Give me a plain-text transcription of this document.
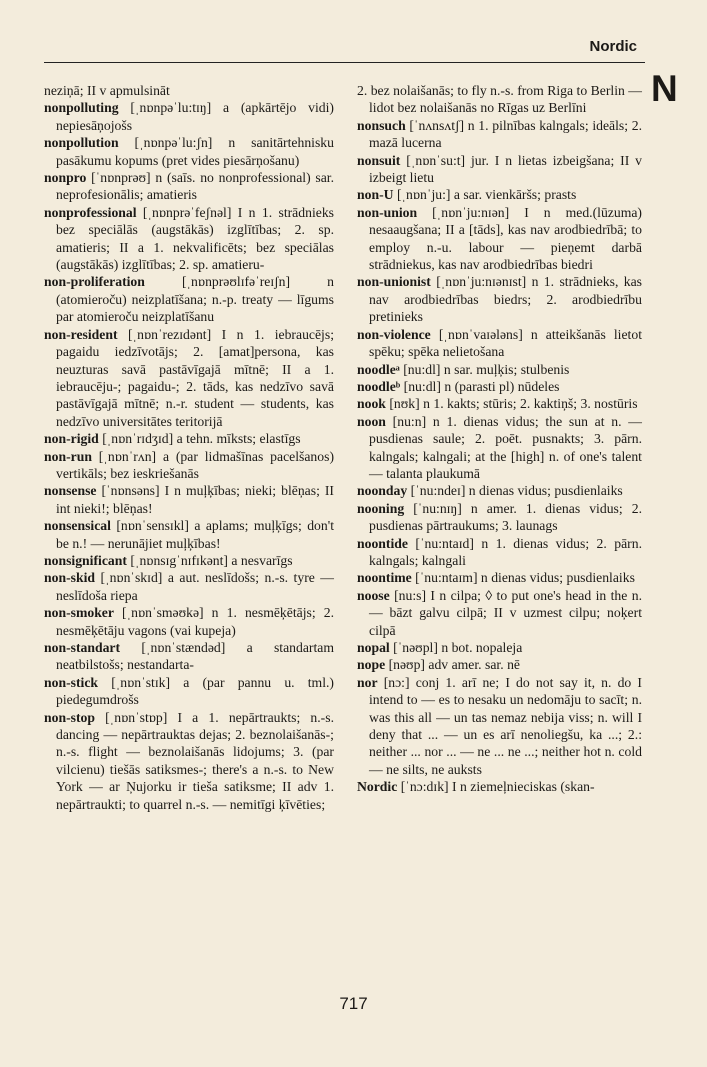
Nordic
N

neziņā; II v apmulsināt

nonpolluting [ˌnɒnpəˈlu:tɪŋ] a (apkārtējo vidi) nepiesāņojošs

nonpollution [ˌnɒnpəˈlu:ʃn] n sanitārtehnisku pasākumu kopums (pret vides piesārņošanu)

nonpro [ˈnɒnprəʊ] n (saīs. no nonprofessional) sar. neprofesionālis; amatieris

nonprofessional [ˌnɒnprəˈfeʃnəl] I n 1. strādnieks bez speciālās (augstākās) izglītības; 2. sp. amatieris; II a 1. nekvalificēts; bez speciālas (augstākās) izglītības; 2. sp. amatieru-

non-proliferation [ˌnɒnprəʊlɪfəˈreɪʃn] n (atomieroču) neizplatīšana; n.-p. treaty — līgums par atomieroču neizplatīšanu

non-resident [ˌnɒnˈrezɪdənt] I n 1. iebraucējs; pagaidu iedzīvotājs; 2. [amat]persona, kas neuzturas savā pastāvīgajā mītnē; II a 1. iebraucēju-; pagaidu-; 2. tāds, kas nedzīvo savā pastāvīgajā mītnē; n.-r. student — students, kas nedzīvo universitātes teritorijā

non-rigid [ˌnɒnˈrɪdʒɪd] a tehn. mīksts; elastīgs

non-run [ˌnɒnˈrʌn] a (par lidmašīnas pacelšanos) vertikāls; bez ieskriešanās

nonsense [ˈnɒnsəns] I n muļķības; nieki; blēņas; II int nieki!; blēņas!

nonsensical [nɒnˈsensɪkl] a aplams; muļķīgs; don't be n.! — nerunājiet muļķības!

nonsignificant [ˌnɒnsɪgˈnɪfɪkənt] a nesvarīgs

non-skid [ˌnɒnˈskɪd] a aut. neslīdošs; n.-s. tyre — neslīdoša riepa

non-smoker [ˌnɒnˈsməʊkə] n 1. nesmēķētājs; 2. nesmēķētāju vagons (vai kupeja)

non-standart [ˌnɒnˈstændəd] a standartam neatbilstošs; nestandarta-

non-stick [ˌnɒnˈstɪk] a (par pannu u. tml.) piedegumdrošs

non-stop [ˌnɒnˈstɒp] I a 1. nepārtraukts; n.-s. dancing — nepārtrauktas dejas; 2. beznolaišanās-; n.-s. flight — beznolaišanās lidojums; 3. (par vilcienu) tiešās satiksmes-; there's a n.-s. to New York — ar Ņujorku ir tieša satiksme; II adv 1. nepārtraukti; to quarrel n.-s. — nemitīgi ķīvēties;

2. bez nolaišanās; to fly n.-s. from Riga to Berlin — lidot bez nolaišanās no Rīgas uz Berlīni

nonsuch [ˈnʌnsʌtʃ] n 1. pilnības kalngals; ideāls; 2. mazā lucerna

nonsuit [ˌnɒnˈsu:t] jur. I n lietas izbeigšana; II v izbeigt lietu

non-U [ˌnɒnˈju:] a sar. vienkāršs; prasts

non-union [ˌnɒnˈju:nɪən] I n med.(lūzuma) nesaaugšana; II a [tāds], kas nav arodbiedrībā; to employ n.-u. labour — pieņemt darbā strādniekus, kas nav arodbiedrības biedri

non-unionist [ˌnɒnˈju:nɪənɪst] n 1. strādnieks, kas nav arodbiedrības biedrs; 2. arodbiedrību pretinieks

non-violence [ˌnɒnˈvaɪələns] n atteikšanās lietot spēku; spēka nelietošana

noodleᵃ [nu:dl] n sar. muļķis; stulbenis

noodleᵇ [nu:dl] n (parasti pl) nūdeles

nook [nʊk] n 1. kakts; stūris; 2. kaktiņš; 3. nostūris

noon [nu:n] n 1. dienas vidus; the sun at n. — pusdienas saule; 2. poēt. pusnakts; 3. pārn. kalngals; kalngali; at the [high] n. of one's talent — talanta plaukumā

noonday [ˈnu:ndeɪ] n dienas vidus; pusdienlaiks

nooning [ˈnu:nɪŋ] n amer. 1. dienas vidus; 2. pusdienas pārtraukums; 3. launags

noontide [ˈnu:ntaɪd] n 1. dienas vidus; 2. pārn. kalngals; kalngali

noontime [ˈnu:ntaɪm] n dienas vidus; pusdienlaiks

noose [nu:s] I n cilpa; ◊ to put one's head in the n. — bāzt galvu cilpā; II v uzmest cilpu; noķert cilpā

nopal [ˈnəʊpl] n bot. nopaleja

nope [nəʊp] adv amer. sar. nē

nor [nɔ:] conj 1. arī ne; I do not say it, n. do I intend to — es to nesaku un nedomāju to sacīt; n. was this all — un tas nemaz nebija viss; n. will I deny that ... — un es arī nenoliegšu, ka ...; 2.: neither ... nor ... — ne ... ne ...; neither hot n. cold — ne silts, ne auksts

Nordic [ˈnɔ:dɪk] I n ziemeļnieciskas (skan-

717
